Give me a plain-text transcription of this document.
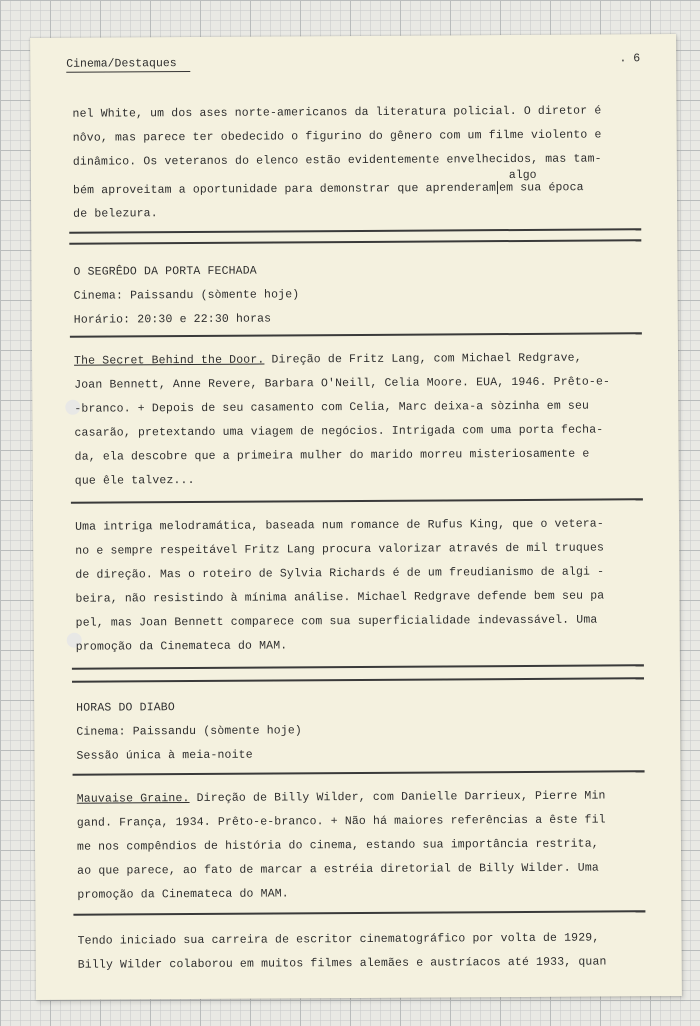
Cinema/Destaques	. 6
nel White, um dos ases norte-americanos da literatura policial. O diretor é
nôvo, mas parece ter obedecido o figurino do gênero com um filme violento e
dinâmico. Os veteranos do elenco estão evidentemente envelhecidos, mas tam-
algo
bém aproveitam a oportunidade para demonstrar que aprenderam em sua época
de belezura.
O SEGRÊDO DA PORTA FECHADA
Cinema: Paissandu (sòmente hoje)
Horário: 20:30 e 22:30 horas
The Secret Behind the Door. Direção de Fritz Lang, com Michael Redgrave,
Joan Bennett, Anne Revere, Barbara O'Neill, Celia Moore. EUA, 1946. Prêto-e-
-branco. + Depois de seu casamento com Celia, Marc deixa-a sòzinha em seu
casarão, pretextando uma viagem de negócios. Intrigada com uma porta fecha-
da, ela descobre que a primeira mulher do marido morreu misteriosamente e
que êle talvez...
Uma intriga melodramática, baseada num romance de Rufus King, que o vetera-
no e sempre respeitável Fritz Lang procura valorizar através de mil truques
de direção. Mas o roteiro de Sylvia Richards é de um freudianismo de algi -
beira, não resistindo à mínima análise. Michael Redgrave defende bem seu pa
pel, mas Joan Bennett comparece com sua superficialidade indevassável. Uma
promoção da Cinemateca do MAM.
HORAS DO DIABO
Cinema: Paissandu (sòmente hoje)
Sessão única à meia-noite
Mauvaise Graine. Direção de Billy Wilder, com Danielle Darrieux, Pierre Min
gand. França, 1934. Prêto-e-branco. + Não há maiores referências a êste fil
me nos compêndios de história do cinema, estando sua importância restrita,
ao que parece, ao fato de marcar a estréia diretorial de Billy Wilder. Uma
promoção da Cinemateca do MAM.
Tendo iniciado sua carreira de escritor cinematográfico por volta de 1929,
Billy Wilder colaborou em muitos filmes alemães e austríacos até 1933, quan
